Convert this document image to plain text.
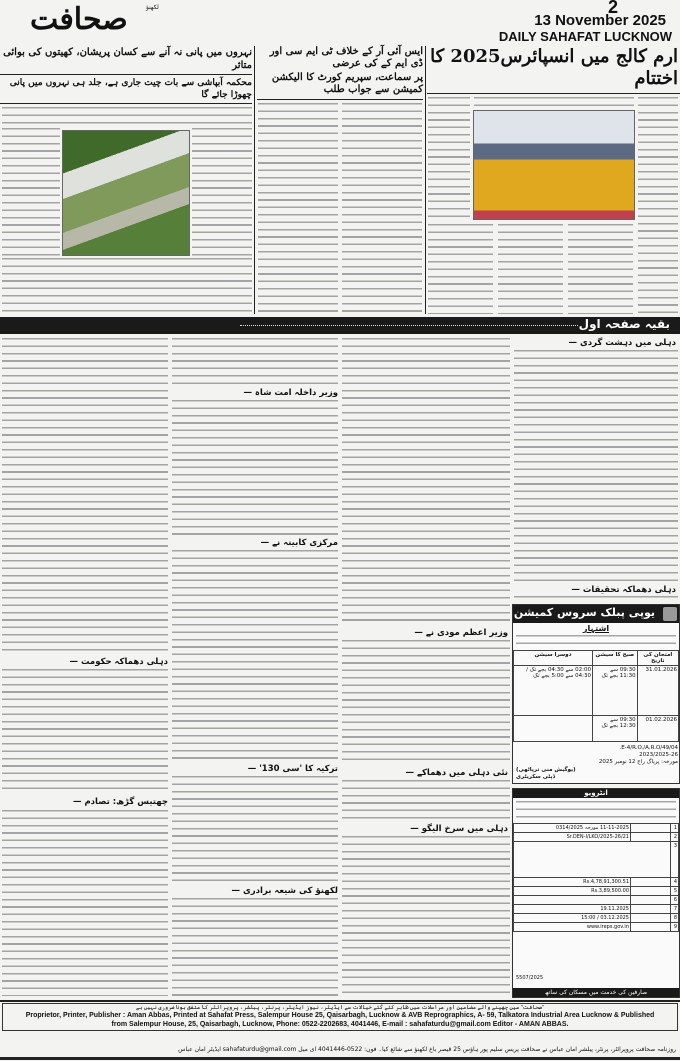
صحافت	لکھنؤ	2
13 November 2025
DAILY SAHAFAT LUCKNOW
ارم کالج میں انسپائرس2025 کا اختتام
ایس آئی آر کے خلاف ٹی ایم سی اور ڈی ایم کے کی عرضی
پر سماعت، سپریم کورٹ کا الیکشن کمیشن سے جواب طلب
نہروں میں پانی نہ آنے سے کسان پریشان، کھیتوں کی بوائی متاثر
محکمہ آبپاشی سے بات چیت جاری ہے، جلد ہی نہروں میں پانی چھوڑا جائے گا
بقیہ صفحہ اول
دہلی میں دہشت گردی —
دہلی دھماکہ تحقیقات —
وزیر اعظم مودی نے —
نئی دہلی میں دھماکے —
دہلی میں سرخ الیگو —
وزیر داخلہ امت شاہ —
مرکزی کابینہ نے —
ترکیہ کا 'سی 130' —
لکھنؤ کی شیعہ برادری —
دہلی دھماکہ حکومت —
چھتیس گڑھ: تصادم —
یوپی پبلک سروس کمیشن
اشتہار
امتحان کی تاریخ	صبح کا سیشن	دوسرا سیشن
31.01.2026	09:30 سے 11:30 بجے تک	02:00 سے 04:30 بجے تک / 04:30 سے 5:00 بجے تک
01.02.2026	09:30 سے 12:30 بجے تک	
49/04/E-4/R.O./A.R.O.
2023/2025-26
مورخہ: پریاگ راج 12 نومبر 2025
(یوگیش منی ترپاٹھی)
ڈپٹی سکریٹری
انٹرویو
1		11-11-2025 مورخہ 0314/2025
2		21/Sr.DEN-I/LKO/2025-26
3		
4		Rs.4,78,91,300.51
5		Rs.3,89,500.00
6		
7		19.11.2025
8		03.12.2025 / 15:00
9		www.ireps.gov.in
5507/2025
صارفین کی خدمت میں مسکان کی ساتھ
"صحافت" میں چھپنے والے مضامین اور مراسلات میں ظاہر کئے گئے خیالات سے ایڈیٹر، نیوز ایڈیٹر، پرنٹر، پبلشر، پروپرائٹر کا متفق ہونا ضروری نہیں ہے
Proprietor, Printer, Publisher : Aman Abbas, Printed at Sahafat Press, Salempur House 25, Qaisarbagh, Lucknow & AVB Reprographics, A- 59, Talkatora Industrial Area Lucknow & Published
from Salempur House, 25, Qaisarbagh, Lucknow, Phone: 0522-2202683, 4041446, E-mail : sahafaturdu@gmail.com Editor - AMAN ABBAS.
روزنامہ صحافت پروپرائٹر، پرنٹر، پبلشر امان عباس نے صحافت پریس سلیم پور ہاؤس 25 قیصر باغ لکھنؤ سے شائع کیا۔ فون: 0522-4041446 ای میل sahafaturdu@gmail.com ایڈیٹر امان عباس
